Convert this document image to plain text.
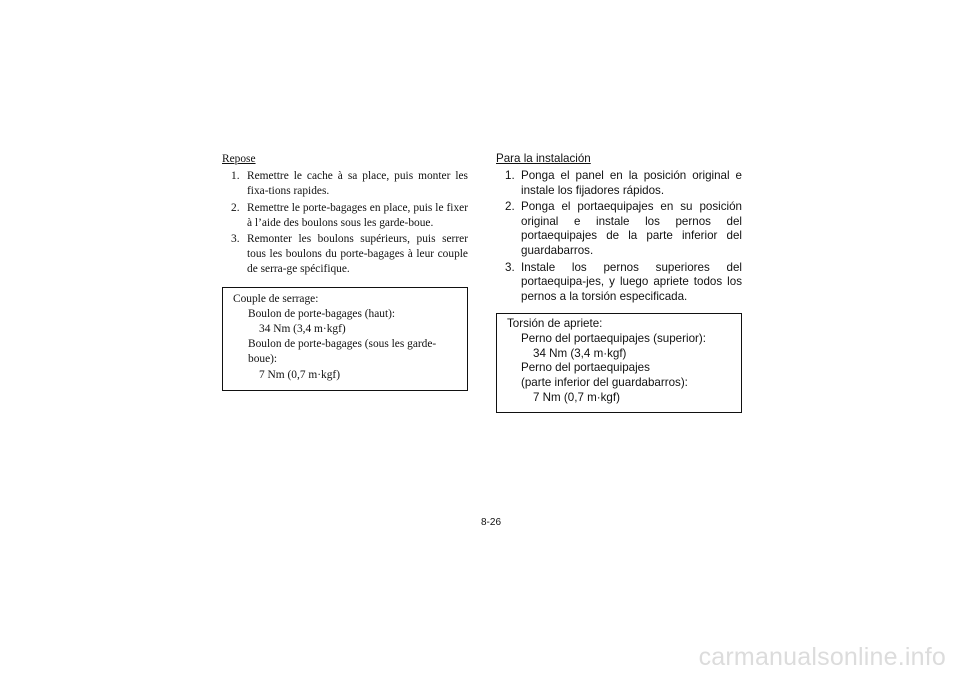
Repose
1. Remettre le cache à sa place, puis monter les fixa-tions rapides.
2. Remettre le porte-bagages en place, puis le fixer à l’aide des boulons sous les garde-boue.
3. Remonter les boulons supérieurs, puis serrer tous les boulons du porte-bagages à leur couple de serra-ge spécifique.
Couple de serrage:
Boulon de porte-bagages (haut):
34 Nm (3,4 m·kgf)
Boulon de porte-bagages (sous les garde-boue):
7 Nm (0,7 m·kgf)
Para la instalación
1. Ponga el panel en la posición original e instale los fijadores rápidos.
2. Ponga el portaequipajes en su posición original e instale los pernos del portaequipajes de la parte inferior del guardabarros.
3. Instale los pernos superiores del portaequipa-jes, y luego apriete todos los pernos a la torsión especificada.
Torsión de apriete:
Perno del portaequipajes (superior):
34 Nm (3,4 m·kgf)
Perno del portaequipajes
(parte inferior del guardabarros):
7 Nm (0,7 m·kgf)
8-26
carmanualsonline.info
